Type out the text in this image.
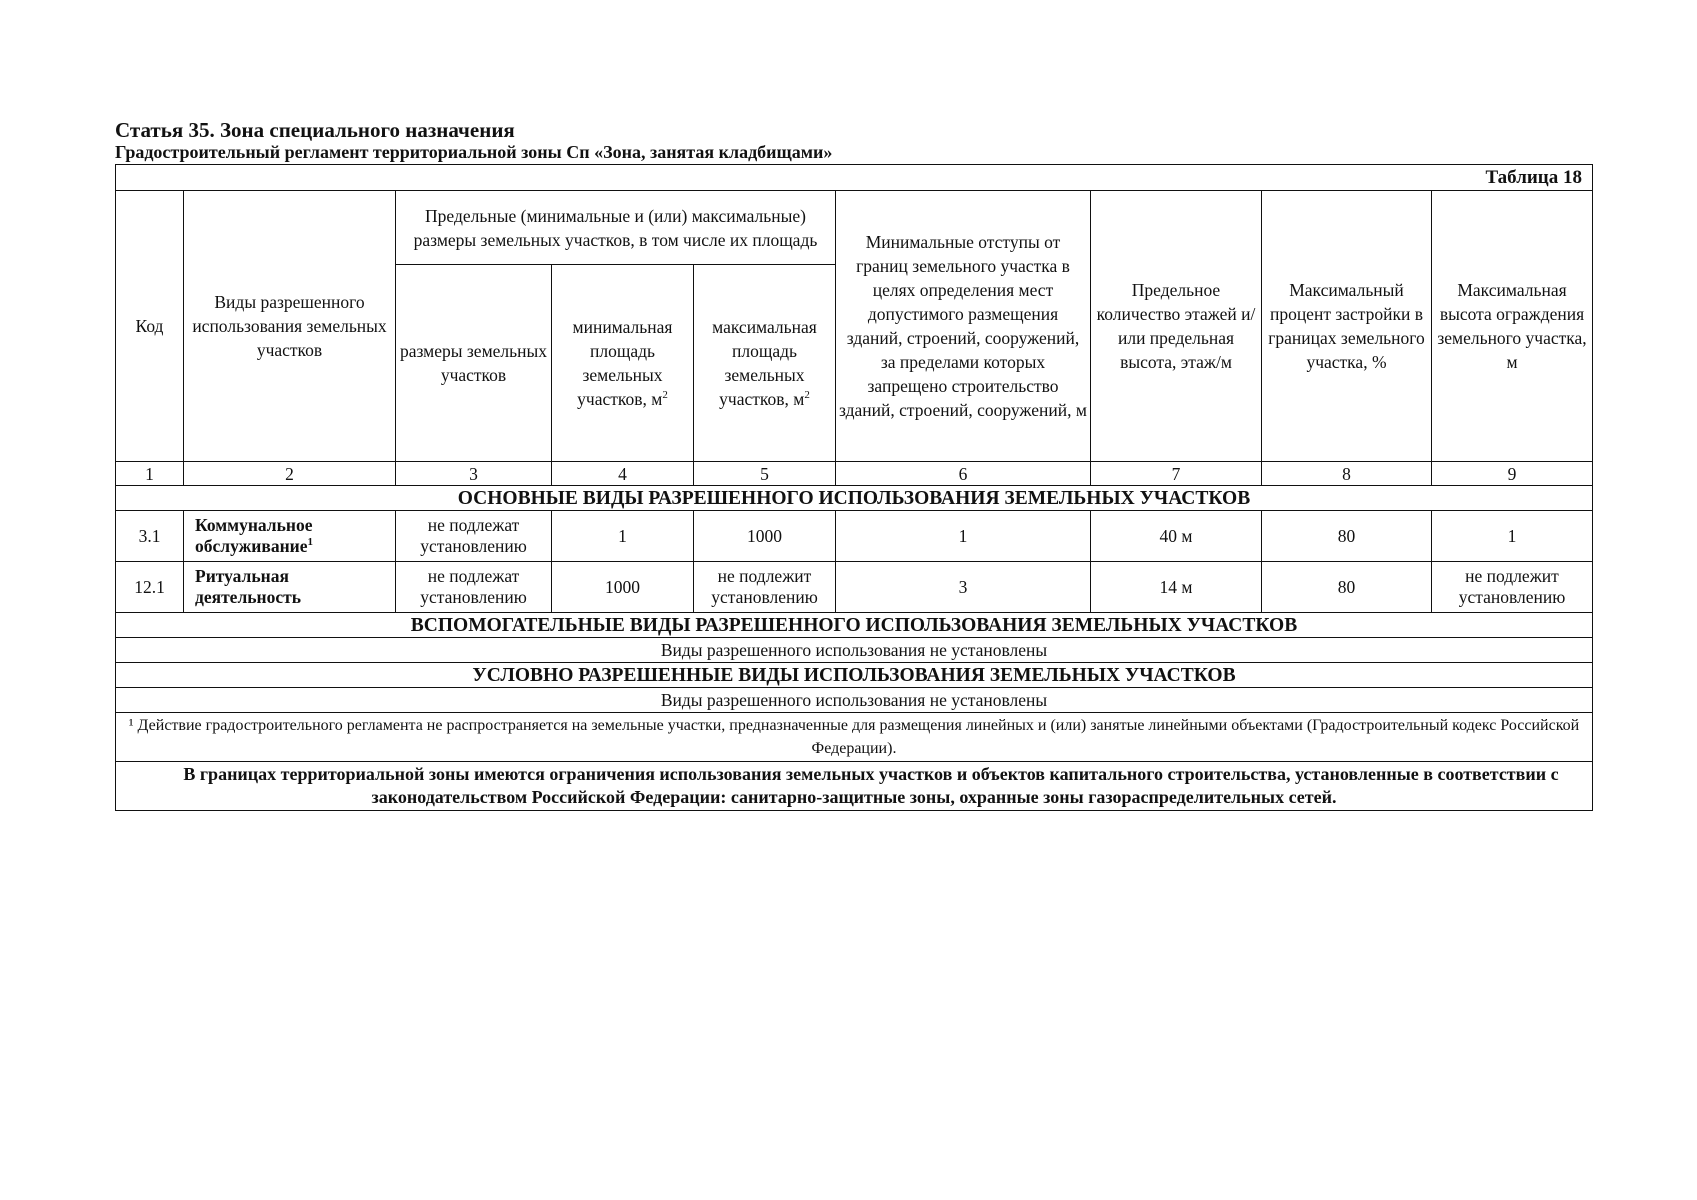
Статья 35. Зона специального назначения

Градостроительный регламент территориальной зоны Сп «Зона, занятая кладбищами»

Таблица 18								
Код	Виды разрешенного использования земельных участков	Предельные (минимальные и (или) максимальные) размеры земельных участков, в том числе их площадь			Минимальные отступы от границ земельного участка в целях определения мест допустимого размещения зданий, строений, сооружений, за пределами которых запрещено строительство зданий, строений, сооружений, м	Предельное количество этажей и/или предельная высота, этаж/м	Максимальный процент застройки в границах земельного участка, %	Максимальная высота ограждения земельного участка, м
		размеры земельных участков	минимальная площадь земельных участков, $м^2$	максимальная площадь земельных участков, $м^2$
1	2	3	4	5	6	7	8	9
ОСНОВНЫЕ ВИДЫ РАЗРЕШЕННОГО ИСПОЛЬЗОВАНИЯ ЗЕМЕЛЬНЫХ УЧАСТКОВ								
3.1	Коммунальное обслуживание$^1$	не подлежат установлению	1	1000	1	40 м	80	1
12.1	Ритуальная деятельность	не подлежат установлению	1000	не подлежит установлению	3	14 м	80	не подлежит установлению
ВСПОМОГАТЕЛЬНЫЕ ВИДЫ РАЗРЕШЕННОГО ИСПОЛЬЗОВАНИЯ ЗЕМЕЛЬНЫХ УЧАСТКОВ								
Виды разрешенного использования не установлены								
УСЛОВНО РАЗРЕШЕННЫЕ ВИДЫ ИСПОЛЬЗОВАНИЯ ЗЕМЕЛЬНЫХ УЧАСТКОВ								
Виды разрешенного использования не установлены								
¹ Действие градостроительного регламента не распространяется на земельные участки, предназначенные для размещения линейных и (или) занятые линейными объектами (Градостроительный кодекс Российской Федерации).								
В границах территориальной зоны имеются ограничения использования земельных участков и объектов капитального строительства, установленные в соответствии с законодательством Российской Федерации: санитарно-защитные зоны, охранные зоны газораспределительных сетей.								
